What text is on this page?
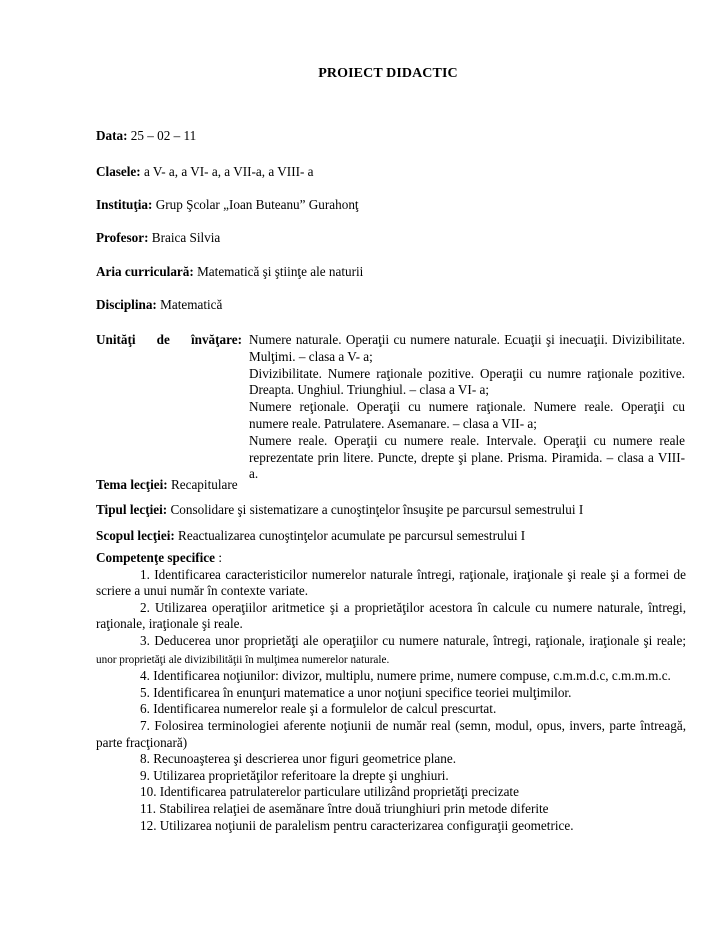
PROIECT DIDACTIC
Data: 25 – 02 – 11
Clasele: a V- a, a VI- a, a VII-a, a VIII- a
Instituţia: Grup Şcolar „Ioan Buteanu” Gurahonţ
Profesor: Braica Silvia
Aria curriculară: Matematică şi ştiinţe ale naturii
Disciplina: Matematică
Unităţi de învăţare: Numere naturale. Operaţii cu numere naturale. Ecuaţii şi inecuaţii. Divizibilitate. Mulţimi. – clasa a V- a;

Divizibilitate. Numere raţionale pozitive. Operaţii cu numre raţionale pozitive. Dreapta. Unghiul. Triunghiul. – clasa a VI- a;

Numere reţionale. Operaţii cu numere raţionale. Numere reale. Operaţii cu numere reale. Patrulatere. Asemanare. – clasa a VII- a;

Numere reale. Operaţii cu numere reale. Intervale. Operaţii cu numere reale reprezentate prin litere. Puncte, drepte şi plane. Prisma. Piramida. – clasa a VIII- a.

Tema lecţiei: Recapitulare
Tipul lecţiei: Consolidare şi sistematizare a cunoştinţelor însuşite pe parcursul semestrului I
Scopul lecţiei: Reactualizarea cunoştinţelor acumulate pe parcursul semestrului I

Competenţe specifice :

1. Identificarea caracteristicilor numerelor naturale întregi, raţionale, iraţionale şi reale şi a formei de scriere a unui număr în contexte variate.

2. Utilizarea operaţiilor aritmetice şi a proprietăţilor acestora în calcule cu numere naturale, întregi, raţionale, iraţionale şi reale.

3. Deducerea unor proprietăţi ale operaţiilor cu numere naturale, întregi, raţionale, iraţionale şi reale; unor proprietăţi ale divizibilităţii în mulţimea numerelor naturale.

4. Identificarea noţiunilor: divizor, multiplu, numere prime, numere compuse, c.m.m.d.c, c.m.m.m.c.

5. Identificarea în enunţuri matematice a unor noţiuni specifice teoriei mulţimilor.

6. Identificarea numerelor reale şi a formulelor de calcul prescurtat.

7. Folosirea terminologiei aferente noţiunii de număr real (semn, modul, opus, invers, parte întreagă, parte fracţionară)

8. Recunoaşterea şi descrierea unor figuri geometrice plane.

9. Utilizarea proprietăţilor referitoare la drepte şi unghiuri.

10. Identificarea patrulaterelor particulare utilizând proprietăţi precizate

11. Stabilirea relaţiei de asemănare între două triunghiuri prin metode diferite

12. Utilizarea noţiunii de paralelism pentru caracterizarea configuraţii geometrice.
